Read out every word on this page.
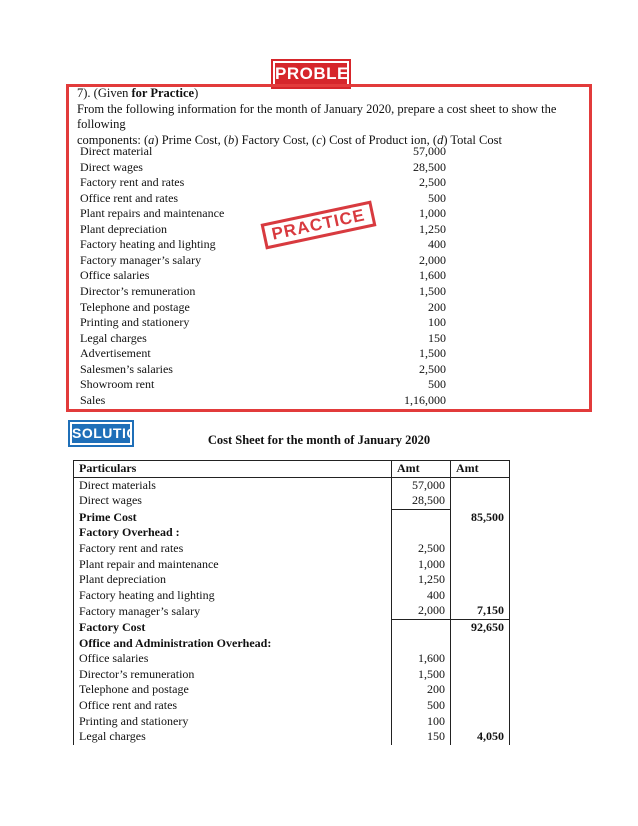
PROBLEM
7). (Given for Practice)
From the following information for the month of January 2020, prepare a cost sheet to show the following
components: (a) Prime Cost, (b) Factory Cost, (c) Cost of Product ion, (d) Total Cost
Direct material	57,000
Direct wages	28,500
Factory rent and rates	2,500
Office rent and rates	500
Plant repairs and maintenance	1,000
Plant depreciation	1,250
Factory heating and lighting	400
Factory manager’s salary	2,000
Office salaries	1,600
Director’s remuneration	1,500
Telephone and postage	200
Printing and stationery	100
Legal charges	150
Advertisement	1,500
Salesmen’s salaries	2,500
Showroom rent	500
Sales	1,16,000
PRACTICE
SOLUTION	Cost Sheet for the month of January 2020
Particulars	Amt	Amt
Direct materials	57,000	
Direct wages	28,500	
Prime Cost		85,500
Factory Overhead :		
Factory rent and rates	2,500	
Plant repair and maintenance	1,000	
Plant depreciation	1,250	
Factory heating and lighting	400	
Factory manager’s salary	2,000	7,150
Factory Cost		92,650
Office and Administration Overhead:		
Office salaries	1,600	
Director’s remuneration	1,500	
Telephone and postage	200	
Office rent and rates	500	
Printing and stationery	100	
Legal charges	150	4,050
